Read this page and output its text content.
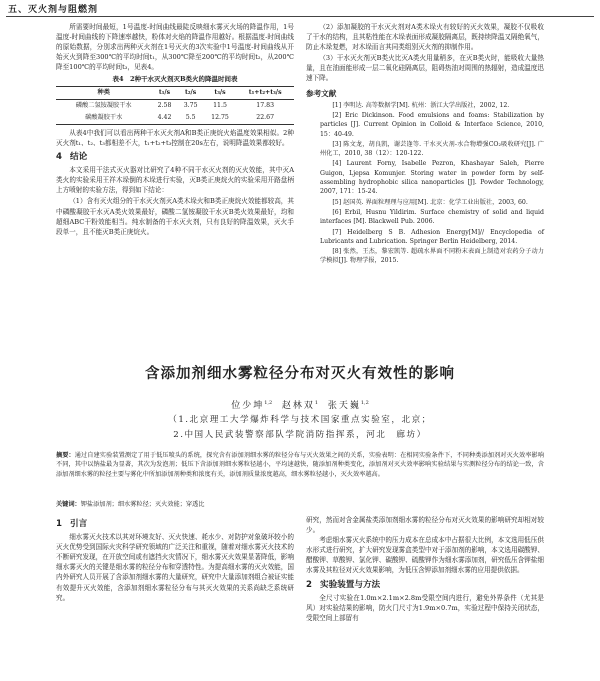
五、灭火剂与阻燃剂

所需要时间最短，1号温度-时间曲线最陡反映细水雾灭火场的降温作用，1号温度-时间曲线的下降速率越快，粉体对火焰的降温作用越好。根据温度-时间曲线的原始数据，分别求出两种灭火剂在1号灭火的3次实验中1号温度-时间曲线从开始灭火到降至300℃的平均时间t₁，从300℃降至200℃的平均时间t₂，从200℃降至100℃的平均时间t₃，见表4。

表4　2种干水灭火剂灭B类火的降温时间表
种类	t₁/s	t₂/s	t₃/s	t₁+t₂+t₃/s
磷酸二氢铵凝胶干水	2.58	3.75	11.5	17.83
碳酸凝胶干水	4.42	5.5	12.75	22.67

从表4中我们可以看出两种干水灭火剂A和B类正庚烷火焰温度效果相似。2种灭火剂t₁、t₂、t₃都相差不大，t₁+t₂+t₃控制在20s左右，说明降温效果都较好。

4 结论

本文采用干法式灭火器对比研究了4种不同干水灭火剂的灭火效能，其中灭A类火的实验采用王祥木垛倒的木垛进行实验，灭B类正庚烷火的实验采用开路盘柄上方喷射的实验方法，得到如下结论：

（1）含有灭火组分的干水灭火剂灭A类木垛火和B类正庚烷火效能都较高，其中磷酸凝胶干水灭A类火效果最好，磷酸二氢铵凝胶干水灭B类火效果最好，均和超细ABC干粉效能相当。纯水制备的干水灭火剂，只有良好的降温效果，灭火手段单一，且不能灭B类正庚烷火。

（2）添加凝胶的干水灭火剂对A类木垛火有较好的灭火效果，凝胶不仅吸收了干水的结构，且其粘性能在木垛表面形成凝胶隔离层，既持续降温又隔绝氧气，防止木垛复燃，对木垛而言其同类组别灭火剂的抑制作用。

（3）干水灭火剂灭B类火比灭A类火用量稍多，在灭B类火时，能吸收大量热量，且在油面能形成一层二氧化硅隔离层，阻碍热油对周围的热辐射，造成温度迅速下降。

参考文献

[1] 李明达. 高等数据学[M]. 杭州：浙江大学出版社，2002, 12.

[2] Eric Dickinson. Food emulsions and foams: Stabilization by particles [J]. Current Opinion in Colloid & Interface Science, 2010, 15：40-49.

[3] 陈文龙，胡良凯，谢芸逢等. 干水灭火剂-水合物增强CO₂吸收研究[J]. 广州化工，2010, 38（12）：120-122.

[4] Laurent Forny, Isabelle Pezron, Khashayar Saleh, Pierre Guigon, Ljepsa Komunjer. Storing water in powder form by self-assembling hydrophobic silica nanoparticles [J]. Powder Technology, 2007, 171：15-24.

[5] 赵国英. 界面粒理理与应用[M]. 北京：化学工业出版社，2003, 60.

[6] Erbil, Husnu Yildirim. Surface chemistry of solid and liquid interfaces [M]. Blackwell Pub. 2006.

[7] Heidelberg S B. Adhesion Energy[M]// Encyclopedia of Lubricants and Lubrication. Springer Berlin Heidelberg, 2014.

[8] 张然，王杰，黎宏凯等. 超疏水界面不同粉末表面上制造对农药分子动力学模拟[J]. 物理学报，2015.

含添加剂细水雾粒径分布对灭火有效性的影响
位少坤$^{1,2}$ 赵林双$^1$ 张天巍$^{1,2}$
（1.北京理工大学爆炸科学与技术国家重点实验室，北京；
2.中国人民武装警察部队学院消防指挥系，河北　廊坊）
摘要：通过自建实验装置测定了用于低压喷头的系统，探究含有添加剂细水雾的粒径分布与灭火效果之间的关系，实验表明：在相同实验条件下，不同种类添加剂对灭火效率影响不同，其中以钠盐最为显著，其次为发泡剂；低压下含添加剂细水雾粒径越小，平均速越快，随添加剂种类变化，添加剂对灭火效率影响实验结果与实测粒径分布的结论一致，含添加剂细水雾的粒径主要与雾化中所加添加剂种类和浓度有关，添加剂质量浓度越高，细水雾粒径越小，灭火效率越高。
关键词：钾盐添加剂；细水雾粒径；灭火效能；穿透比
1 引言

细水雾灭火技术以其对环境友好、灭火快速、耗水少、对防护对象破坏较小的灭火优势受到国际火灾科学研究领域的广泛关注和重视，随着对细水雾灭火技术的不断研究发现，在开放空间或有遮挡火灾情况下，细水雾灭火效果显著降低，影响细水雾灭火的关键是细水雾的粒径分布和穿透特性。为提高细水雾的灭火效能，国内外研究人员开展了含添加剂细水雾的大量研究，研究中大量添加剂组合被证实能有效提升灭火效能，含添加剂细水雾粒径分布与其灭火效果的关系尚缺乏系统研究。

研究，然而对含金属盐类添加剂细水雾的粒径分布对灭火效果的影响研究却相对较少。

考虑细水雾灭火系统中的压力成本在总成本中占据很大比例，本文选用低压供水形式进行研究，扩大研究发现雾盒类型中对于添加剂的影响，本文选用碳酸钾、醋酸钾、草酸钾、氯化钾、碳酸钾、硫酸钾作为细水雾添加剂，研究低压含钾盐细水雾及其粒径对灭火效果影响，为低压含钾添加剂细水雾的应用提供依据。

2 实验装置与方法

全尺寸实验在1.0m×2.1m×2.8m受限空间内进行，避免外界条件（尤其是风）对实验结果的影响，防火门尺寸为1.9m×0.7m，实验过程中保持关闭状态，受限空间上部留有
